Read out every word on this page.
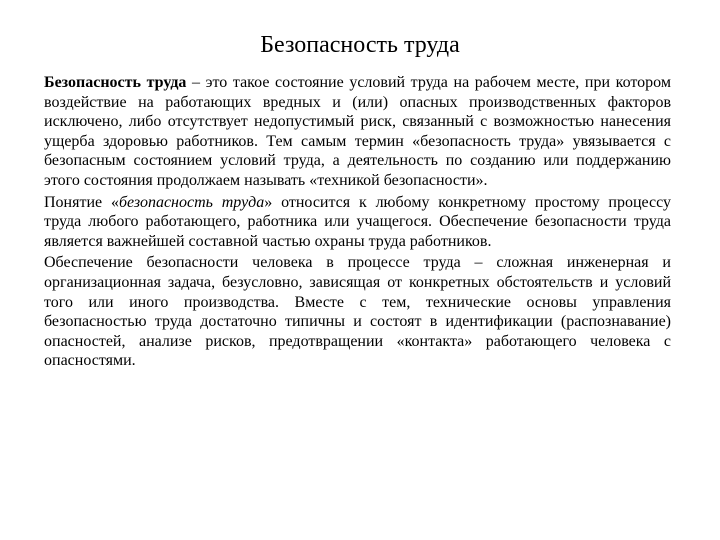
Безопасность труда

Безопасность труда – это такое состояние условий труда на рабочем месте, при котором воздействие на работающих вредных и (или) опасных производственных факторов исключено, либо отсутствует недопустимый риск, связанный с возможностью нанесения ущерба здоровью работников. Тем самым термин «безопасность труда» увязывается с безопасным состоянием условий труда, а деятельность по созданию или поддержанию этого состояния продолжаем называть «техникой безопасности».

Понятие «безопасность труда» относится к любому конкретному простому процессу труда любого работающего, работника или учащегося. Обеспечение безопасности труда является важнейшей составной частью охраны труда работников.

Обеспечение безопасности человека в процессе труда – сложная инженерная и организационная задача, безусловно, зависящая от конкретных обстоятельств и условий того или иного производства. Вместе с тем, технические основы управления безопасностью труда достаточно типичны и состоят в идентификации (распознавание) опасностей, анализе рисков, предотвращении «контакта» работающего человека с опасностями.
